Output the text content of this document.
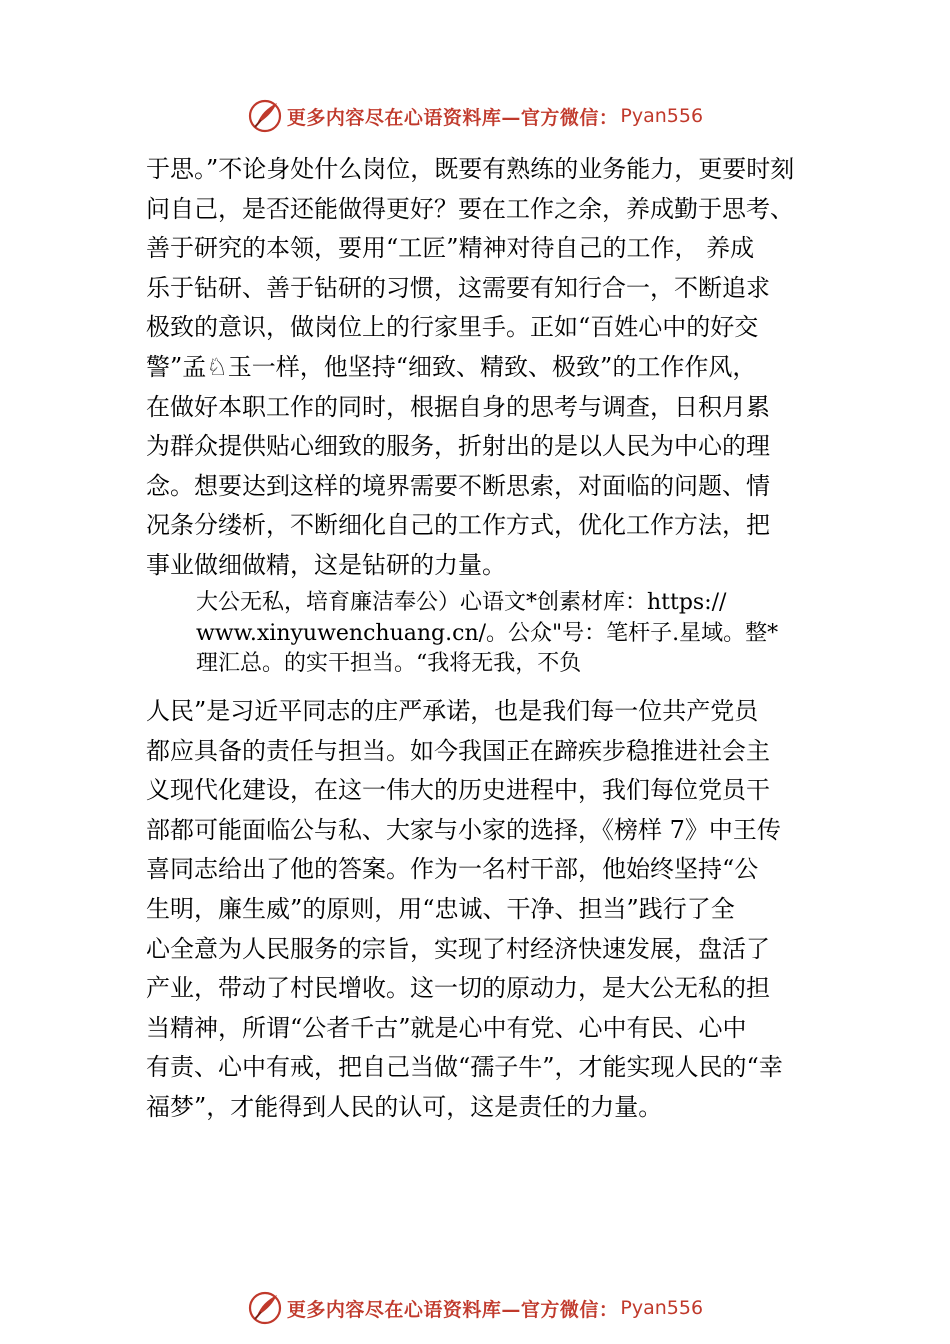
更多内容尽在心语资料库—官方微信： Pyan556
于思。”不论身处什么岗位，既要有熟练的业务能力，更要时刻
问自己，是否还能做得更好？要在工作之余，养成勤于思考、
善于研究的本领，要用“工匠”精神对待自己的工作， 养成
乐于钻研、善于钻研的习惯，这需要有知行合一，不断追求
极致的意识，做岗位上的行家里手。正如“百姓心中的好交
警”孟♘玉一样，他坚持“细致、精致、极致”的工作作风，
在做好本职工作的同时，根据自身的思考与调查，日积月累
为群众提供贴心细致的服务，折射出的是以人民为中心的理
念。想要达到这样的境界需要不断思索，对面临的问题、情
况条分缕析，不断细化自己的工作方式，优化工作方法，把
事业做细做精，这是钻研的力量。
大公无私，培育廉洁奉公）心语文*创素材库：https://
www.xinyuwenchuang.cn/。公众"号：笔杆子.星域。整*
理汇总。的实干担当。“我将无我，不负
人民”是习近平同志的庄严承诺，也是我们每一位共产党员
都应具备的责任与担当。如今我国正在蹄疾步稳推进社会主
义现代化建设，在这一伟大的历史进程中，我们每位党员干
部都可能面临公与私、大家与小家的选择，《榜样 7》中王传
喜同志给出了他的答案。作为一名村干部，他始终坚持“公
生明，廉生威”的原则，用“忠诚、干净、担当”践行了全
心全意为人民服务的宗旨，实现了村经济快速发展，盘活了
产业，带动了村民增收。这一切的原动力，是大公无私的担
当精神，所谓“公者千古”就是心中有党、心中有民、心中
有责、心中有戒，把自己当做“孺子牛”，才能实现人民的“幸
福梦”，才能得到人民的认可，这是责任的力量。
更多内容尽在心语资料库—官方微信： Pyan556
